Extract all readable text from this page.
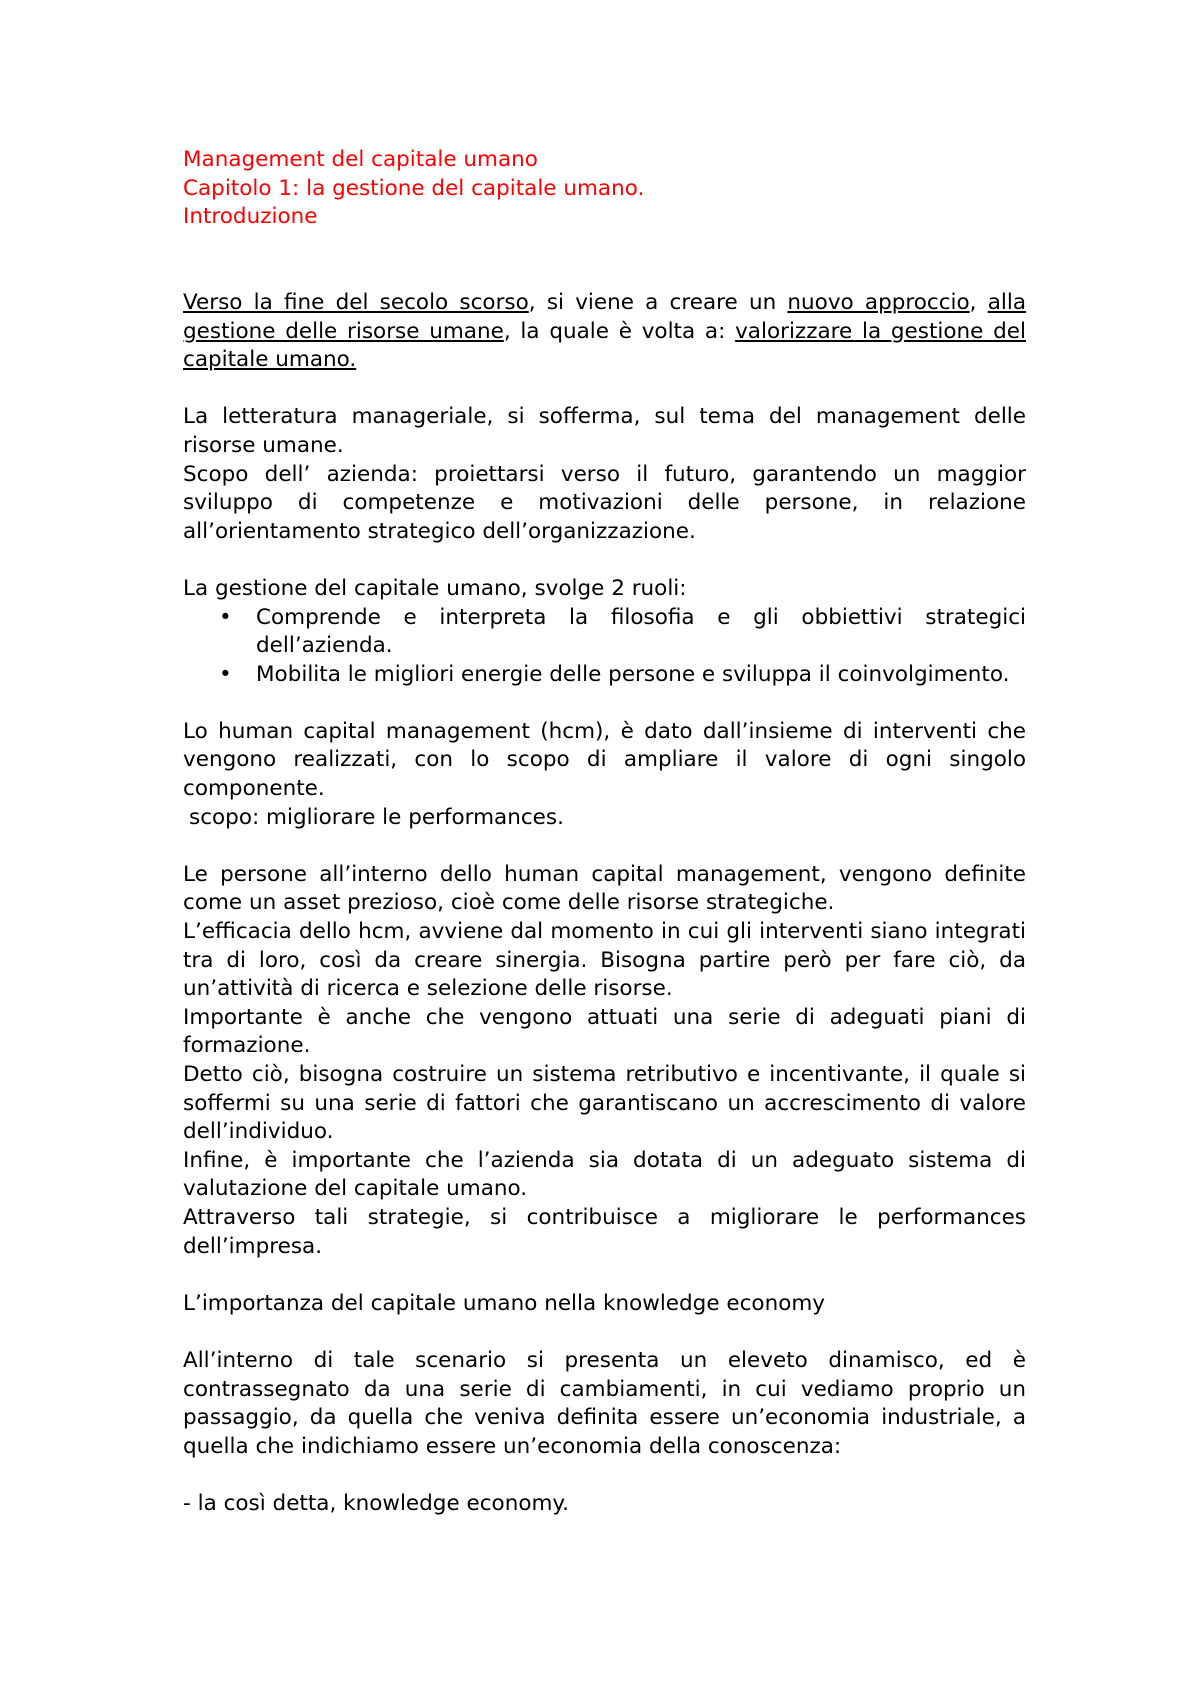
Management del capitale umano
Capitolo 1: la gestione del capitale umano.
Introduzione

Verso la fine del secolo scorso, si viene a creare un nuovo approccio, alla gestione delle risorse umane, la quale è volta a: valorizzare la gestione del capitale umano.

La letteratura manageriale, si sofferma, sul tema del management delle risorse umane.

Scopo dell’ azienda: proiettarsi verso il futuro, garantendo un maggior sviluppo di competenze e motivazioni delle persone, in relazione all’orientamento strategico dell’organizzazione.

La gestione del capitale umano, svolge 2 ruoli:

• Comprende e interpreta la filosofia e gli obbiettivi strategici dell’azienda.
• Mobilita le migliori energie delle persone e sviluppa il coinvolgimento.

Lo human capital management (hcm), è dato dall’insieme di interventi che vengono realizzati, con lo scopo di ampliare il valore di ogni singolo componente.

scopo: migliorare le performances.

Le persone all’interno dello human capital management, vengono definite come un asset prezioso, cioè come delle risorse strategiche.

L’efficacia dello hcm, avviene dal momento in cui gli interventi siano integrati tra di loro, così da creare sinergia. Bisogna partire però per fare ciò, da un’attività di ricerca e selezione delle risorse.

Importante è anche che vengono attuati una serie di adeguati piani di formazione.

Detto ciò, bisogna costruire un sistema retributivo e incentivante, il quale si soffermi su una serie di fattori che garantiscano un accrescimento di valore dell’individuo.

Infine, è importante che l’azienda sia dotata di un adeguato sistema di valutazione del capitale umano.

Attraverso tali strategie, si contribuisce a migliorare le performances dell’impresa.

L’importanza del capitale umano nella knowledge economy

All’interno di tale scenario si presenta un eleveto dinamisco, ed è contrassegnato da una serie di cambiamenti, in cui vediamo proprio un passaggio, da quella che veniva definita essere un’economia industriale, a quella che indichiamo essere un’economia della conoscenza:

- la così detta, knowledge economy.
